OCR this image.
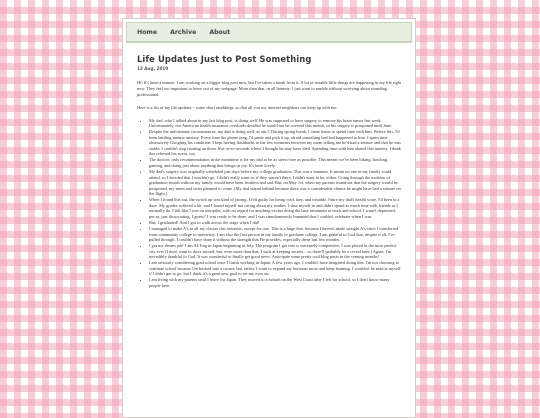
Home Archive About
Life Updates Just to Post Something
13 Aug, 2010

Hi! It's been a minute. I am working on a bigger blog post now, but I've taken a break from it. A lot of notable little things are happening in my life right now. They feel too important to leave out of my webpage. More than that, in all honesty, I just want to ramble without worrying about sounding professional.

Here is a list of my life updates ~ some short ramblings, so that all you my internet neighbors can keep up with me:

• My dad, who I talked about in my last blog post, is doing well. He was supposed to have surgery to remove his brain tumor last week. Unfortunately, our American health insurance overlords decided he would not be covered this month, so his surgery is postponed until June.
• Despite the unfortunate circumstances, my dad is doing well, as am I. During spring break, I came home to spend time with him. Before this, I'd been battling intense anxiety. Every time the phone rang, I'd panic and pick it up, afraid something bad had happened to him. I spent time obsessively Googling his condition. I kept having flashbacks to the few moments between my mom telling me he'd had a seizure and that he was stable; I couldn't stop fixating on those five-or-so-seconds where I thought he may have died. Spending time with him abated this anxiety. I think this relieved his stress, too.
• The doctors' only recommendation in the meantime is for my dad to be as stress-free as possible. This means we've been hiking, bowling, gaming, and doing just about anything that brings us joy. It's been lovely.
• My dad's surgery was originally scheduled just days before my college graduation. This was a bummer. It meant no one in my family could attend, so I decided that I wouldn't go. I didn't really want to, if they weren't there, I didn't want to be, either. Going through the motions of graduation rituals without my family would have been fruitless and sad. But, on May 1st, when my parents found out that the surgery would be postponed, my mom and sister planned to come. (My dad stayed behind because there was a considerable chance he might have had a seizure on the flight.)
• When I found this out, the switch up was kind of jarring. I felt guilty for being cold, lazy, and irritable. Since my dad's health scare, I'd been in a daze. My grades suffered a bit, and I found myself not caring about my studies. I shut myself in and didn't spend as much time with friends as I normally do. I felt like I was on autopilot, with no regard for anything except doing the bare minimum at work and school. I wasn't depressed, per se, just dissociating, I guess? I was ready to be done, and I was simultaneously bummed that I couldn't celebrate when I was.
• But, I graduated! And I got to walk across the stage when I did!
• I managed to make A's in all my classes this semester, except for one. This is a huge feat, because I haven't made straight A's since I transferred from community college to university. I am also the first person in my family to graduate college. I am grateful to God that, despite it all, I've pulled through. I couldn't have done it without the strength that He provides, especially these last few months.
• I got my dream job! I am ALTing in Japan beginning in July. The program I got into is extremely competitive, I was placed in the most perfect city ever (I don't want to doxx myself, but, even more than that, I suck at keeping secrets... so there'll probably be a reveal later.) Again, I'm incredibly thankful to God. It was wonderful to finally get good news. Anticipate some pretty cool blog posts in the coming months!
• I am seriously considering grad school once I finish working in Japan. A few years ago, I couldn't have imagined doing this. I'm not choosing to continue school because I'm backed into a corner, but, rather, I want to expand my horizons more and keep learning. I wouldn't be mad at myself if I didn't get to go, but I think it's a great new goal to set my eyes on.
• I am living with my parents until I leave for Japan. They moved to a suburb on the West Coast after I left for school, so I don't know many people here.
